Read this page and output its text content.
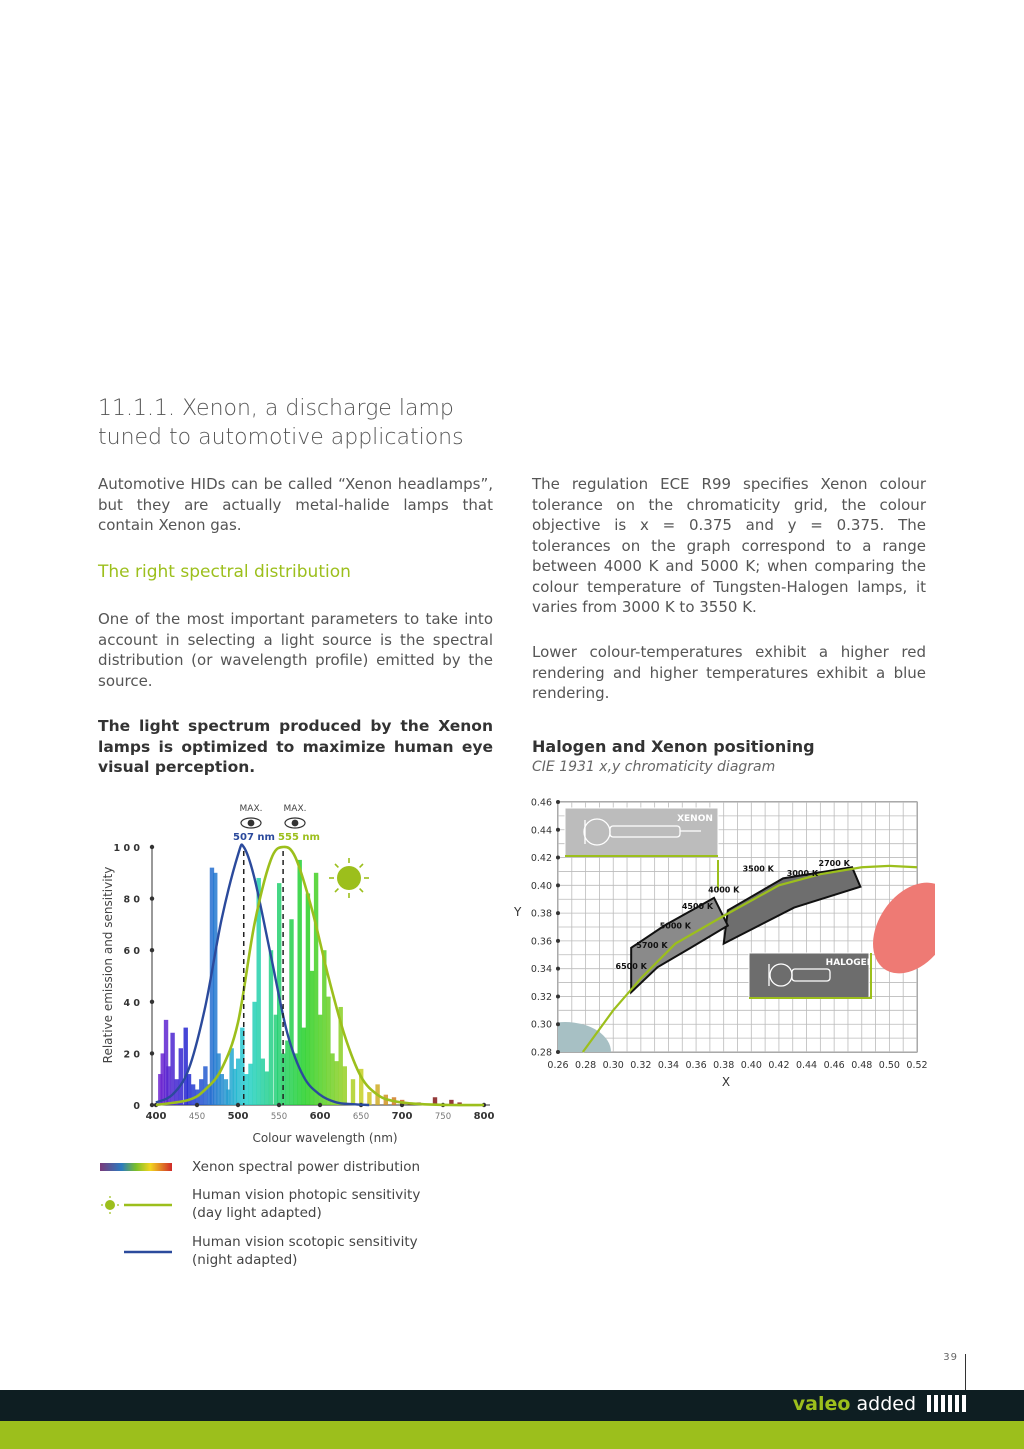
11.1.1. Xenon, a discharge lamp tuned to automotive applications
Automotive HIDs can be called “Xenon headlamps”, but they are actually metal-halide lamps that contain Xenon gas.
The right spectral distribution
One of the most important parameters to take into account in selecting a light source is the spectral distribution (or wavelength profile) emitted by the source.
The light spectrum produced by the Xenon lamps is optimized to maximize human eye visual perception.
The regulation ECE R99 specifies Xenon colour tolerance on the chromaticity grid, the colour objective is x = 0.375 and y = 0.375. The tolerances on the graph correspond to a range between 4000 K and 5000 K; when comparing the colour temperature of Tungsten-Halogen lamps, it varies from 3000 K to 3550 K.
Lower colour-temperatures exhibit a higher red rendering and higher temperatures exhibit a blue rendering.
Halogen and Xenon positioning
CIE 1931 x,y chromaticity diagram
0
2 0
4 0
6 0
8 0
1 0 0
400	450 500	550 600	650 700	750 800
MAX. MAX.
507 nm 555 nm
Relative emission and sensitivity
Colour wavelength (nm)
Xenon spectral power distribution
Human vision photopic sensitivity
(day light adapted)
Human vision scotopic sensitivity
(night adapted)
0.28
0.30
0.32
0.34
0.36
0.38
0.40
0.42
0.44
0.46
0.26 0.28 0.30 0.32 0.34 0.36 0.38 0.40 0.42 0.44 0.46 0.48 0.50 0.52
XENON
HALOGEN
6500 K
5700 K
5000 K
4500 K
4000 K
3500 K 3000 K
2700 K
Y
X
39
valeo added
